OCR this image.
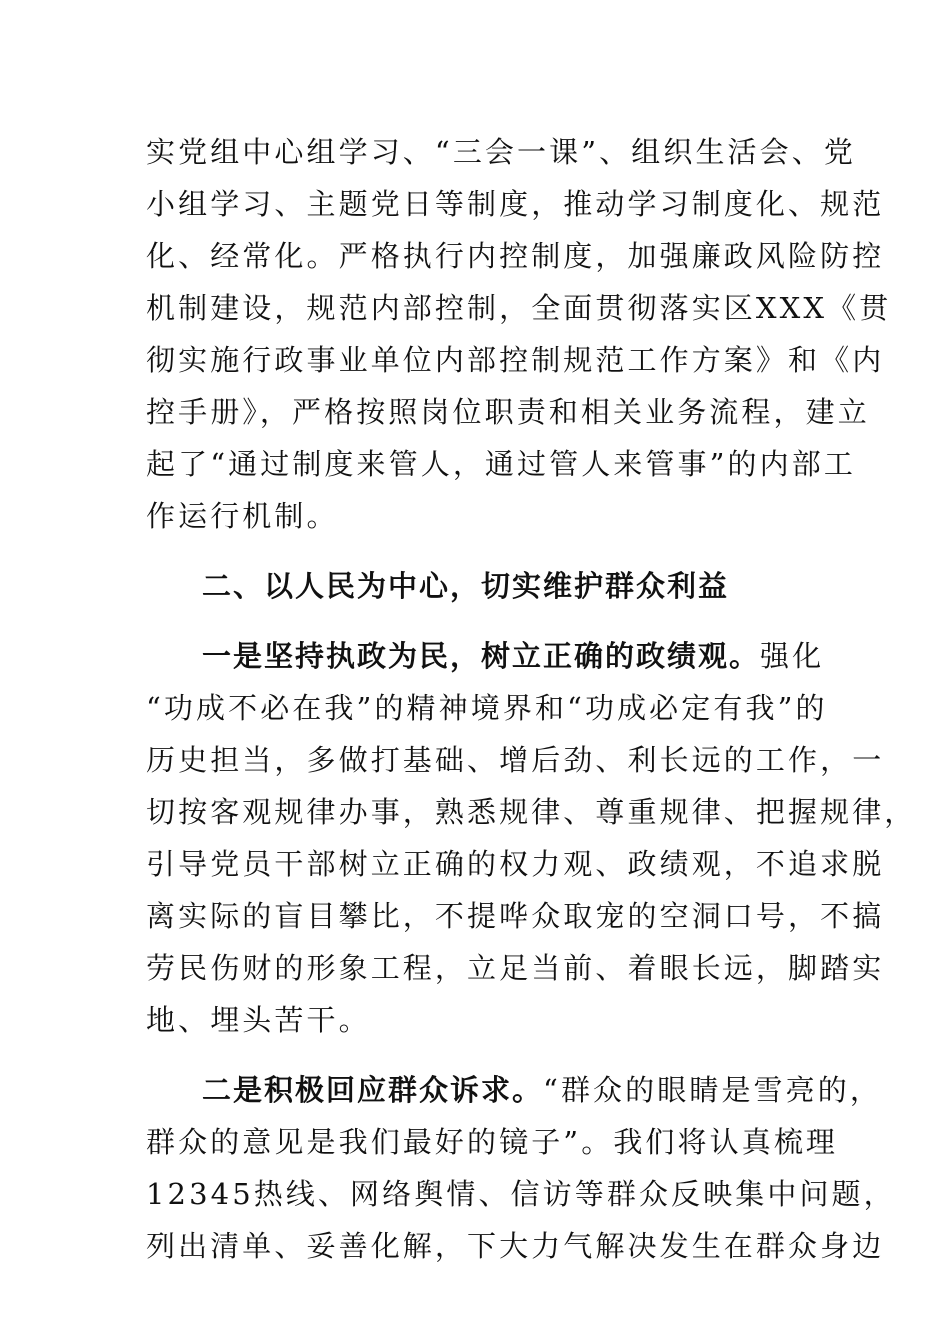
实党组中心组学习、“三会一课”、组织生活会、党
小组学习、主题党日等制度，推动学习制度化、规范
化、经常化。严格执行内控制度，加强廉政风险防控
机制建设，规范内部控制，全面贯彻落实区XXX《贯
彻实施行政事业单位内部控制规范工作方案》和《内
控手册》，严格按照岗位职责和相关业务流程，建立
起了“通过制度来管人，通过管人来管事”的内部工
作运行机制。
二、以人民为中心，切实维护群众利益
一是坚持执政为民，树立正确的政绩观。强化
“功成不必在我”的精神境界和“功成必定有我”的
历史担当，多做打基础、增后劲、利长远的工作，一
切按客观规律办事，熟悉规律、尊重规律、把握规律，
引导党员干部树立正确的权力观、政绩观，不追求脱
离实际的盲目攀比，不提哗众取宠的空洞口号，不搞
劳民伤财的形象工程，立足当前、着眼长远，脚踏实
地、埋头苦干。
二是积极回应群众诉求。“群众的眼睛是雪亮的，
群众的意见是我们最好的镜子”。我们将认真梳理
12345热线、网络舆情、信访等群众反映集中问题，
列出清单、妥善化解，下大力气解决发生在群众身边
